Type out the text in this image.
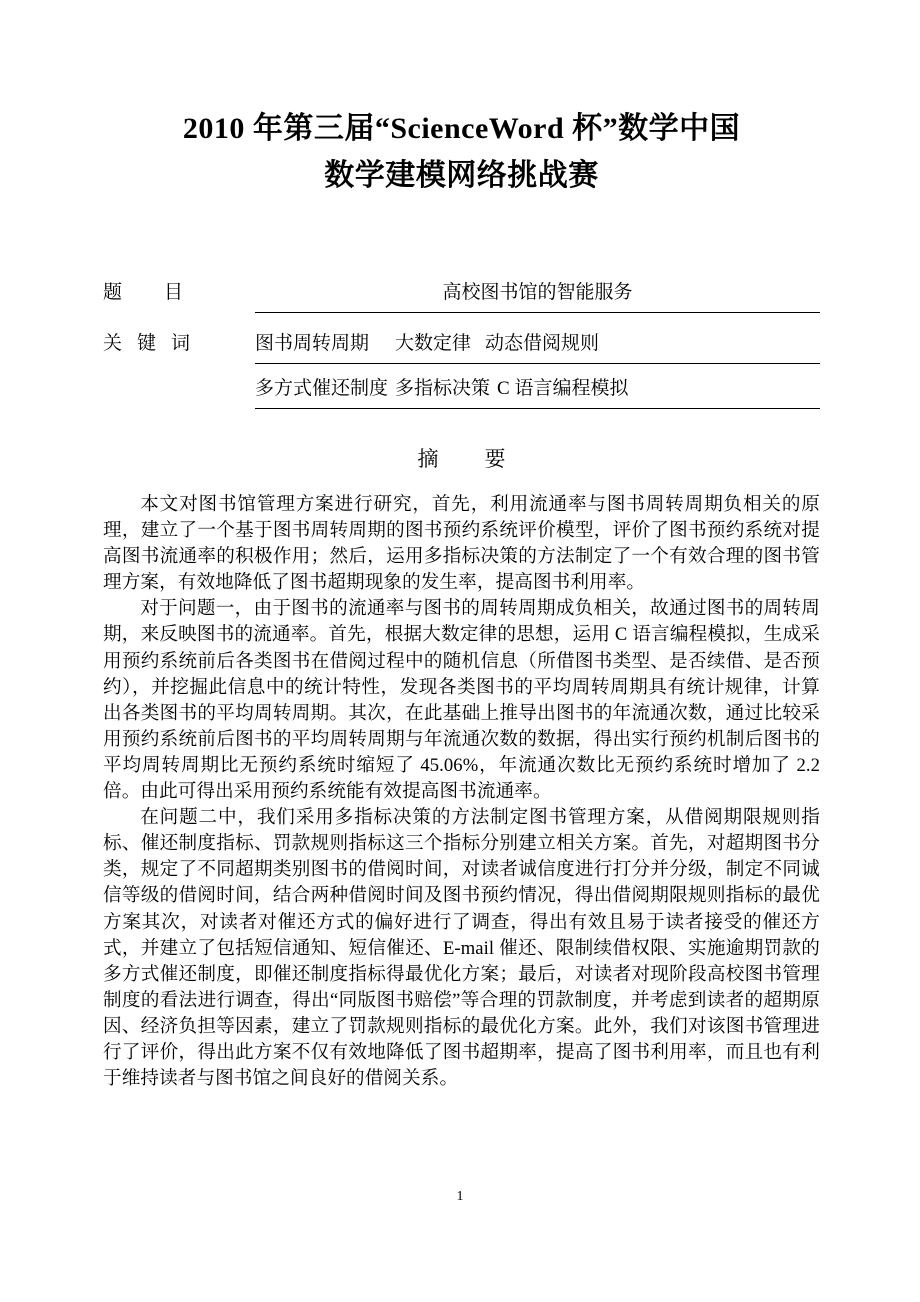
2010 年第三届“ScienceWord 杯”数学中国
数学建模网络挑战赛
题 目	高校图书馆的智能服务
关 键 词	图书周转周期 大数定律 动态借阅规则
多方式催还制度 多指标决策 C 语言编程模拟
摘 要

本文对图书馆管理方案进行研究，首先，利用流通率与图书周转周期负相关的原理，建立了一个基于图书周转周期的图书预约系统评价模型，评价了图书预约系统对提高图书流通率的积极作用；然后，运用多指标决策的方法制定了一个有效合理的图书管理方案，有效地降低了图书超期现象的发生率，提高图书利用率。

对于问题一，由于图书的流通率与图书的周转周期成负相关，故通过图书的周转周期，来反映图书的流通率。首先，根据大数定律的思想，运用 C 语言编程模拟，生成采用预约系统前后各类图书在借阅过程中的随机信息（所借图书类型、是否续借、是否预约），并挖掘此信息中的统计特性，发现各类图书的平均周转周期具有统计规律，计算出各类图书的平均周转周期。其次，在此基础上推导出图书的年流通次数，通过比较采用预约系统前后图书的平均周转周期与年流通次数的数据，得出实行预约机制后图书的平均周转周期比无预约系统时缩短了 45.06%，年流通次数比无预约系统时增加了 2.2 倍。由此可得出采用预约系统能有效提高图书流通率。

在问题二中，我们采用多指标决策的方法制定图书管理方案，从借阅期限规则指标、催还制度指标、罚款规则指标这三个指标分别建立相关方案。首先，对超期图书分类，规定了不同超期类别图书的借阅时间，对读者诚信度进行打分并分级，制定不同诚信等级的借阅时间，结合两种借阅时间及图书预约情况，得出借阅期限规则指标的最优方案其次，对读者对催还方式的偏好进行了调查，得出有效且易于读者接受的催还方式，并建立了包括短信通知、短信催还、E-mail 催还、限制续借权限、实施逾期罚款的多方式催还制度，即催还制度指标得最优化方案；最后，对读者对现阶段高校图书管理制度的看法进行调查，得出“同版图书赔偿”等合理的罚款制度，并考虑到读者的超期原因、经济负担等因素，建立了罚款规则指标的最优化方案。此外，我们对该图书管理进行了评价，得出此方案不仅有效地降低了图书超期率，提高了图书利用率，而且也有利于维持读者与图书馆之间良好的借阅关系。

1
